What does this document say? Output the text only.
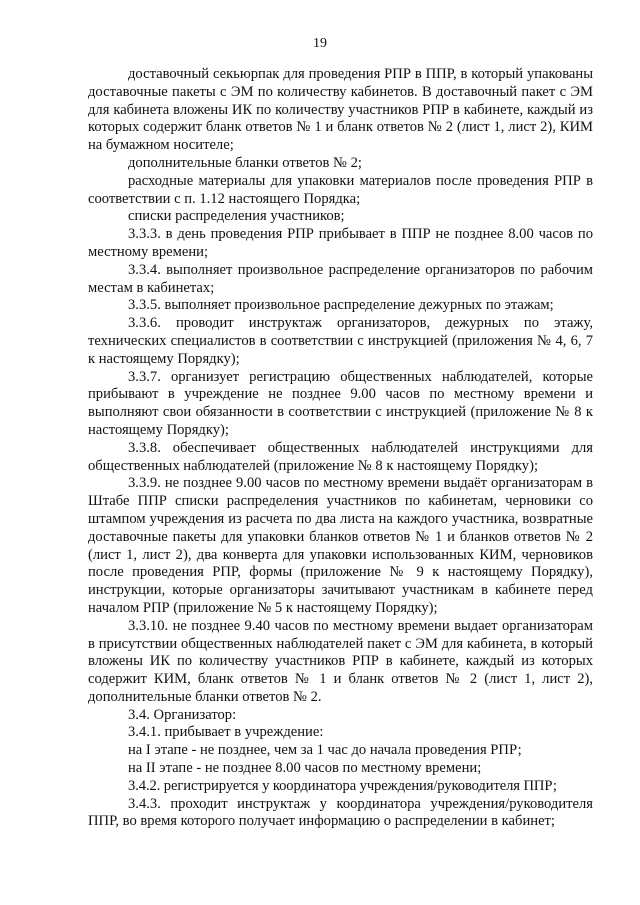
19

доставочный секьюрпак для проведения РПР в ППР, в который упакованы доставочные пакеты с ЭМ по количеству кабинетов. В доставочный пакет с ЭМ для кабинета вложены ИК по количеству участников РПР в кабинете, каждый из которых содержит бланк ответов № 1 и бланк ответов № 2 (лист 1, лист 2), КИМ на бумажном носителе;

дополнительные бланки ответов № 2;

расходные материалы для упаковки материалов после проведения РПР в соответствии с п. 1.12 настоящего Порядка;

списки распределения участников;

3.3.3. в день проведения РПР прибывает в ППР не позднее 8.00 часов по местному времени;

3.3.4. выполняет произвольное распределение организаторов по рабочим местам в кабинетах;

3.3.5. выполняет произвольное распределение дежурных по этажам;

3.3.6. проводит инструктаж организаторов, дежурных по этажу, технических специалистов в соответствии с инструкцией (приложения № 4, 6, 7 к настоящему Порядку);

3.3.7. организует регистрацию общественных наблюдателей, которые прибывают в учреждение не позднее 9.00 часов по местному времени и выполняют свои обязанности в соответствии с инструкцией (приложение № 8 к настоящему Порядку);

3.3.8. обеспечивает общественных наблюдателей инструкциями для общественных наблюдателей (приложение № 8 к настоящему Порядку);

3.3.9. не позднее 9.00 часов по местному времени выдаёт организаторам в Штабе ППР списки распределения участников по кабинетам, черновики со штампом учреждения из расчета по два листа на каждого участника, возвратные доставочные пакеты для упаковки бланков ответов № 1 и бланков ответов № 2 (лист 1, лист 2), два конверта для упаковки использованных КИМ, черновиков после проведения РПР, формы (приложение № 9 к настоящему Порядку), инструкции, которые организаторы зачитывают участникам в кабинете перед началом РПР (приложение № 5 к настоящему Порядку);

3.3.10. не позднее 9.40 часов по местному времени выдает организаторам в присутствии общественных наблюдателей пакет с ЭМ для кабинета, в который вложены ИК по количеству участников РПР в кабинете, каждый из которых содержит КИМ, бланк ответов № 1 и бланк ответов № 2 (лист 1, лист 2), дополнительные бланки ответов № 2.

3.4. Организатор:

3.4.1. прибывает в учреждение:

на I этапе - не позднее, чем за 1 час до начала проведения РПР;

на II этапе - не позднее 8.00 часов по местному времени;

3.4.2. регистрируется у координатора учреждения/руководителя ППР;

3.4.3. проходит инструктаж у координатора учреждения/руководителя ППР, во время которого получает информацию о распределении в кабинет;
